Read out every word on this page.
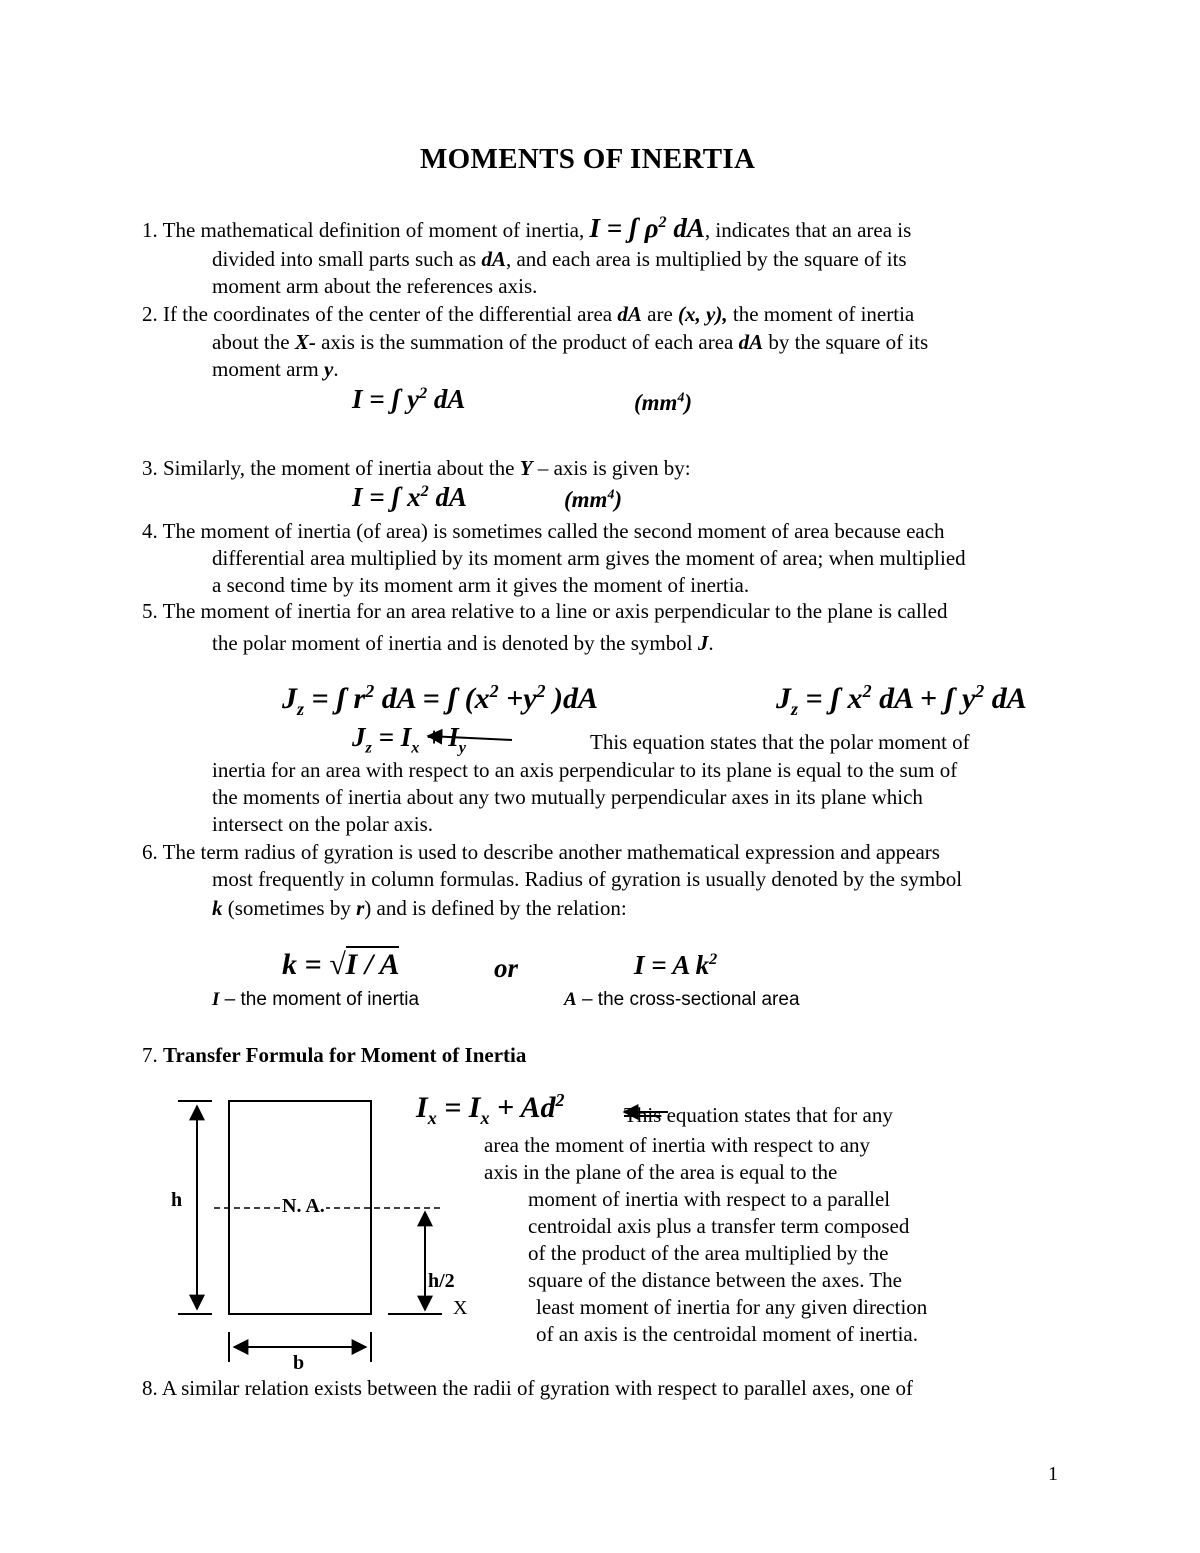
MOMENTS OF INERTIA
1. The mathematical definition of moment of inertia, I = ʃ $\rho^2$ dA, indicates that an area is
divided into small parts such as dA, and each area is multiplied by the square of its
moment arm about the references axis.
2. If the coordinates of the center of the differential area dA are (x, y), the moment of inertia
about the X- axis is the summation of the product of each area dA by the square of its
moment arm y.
I = ʃ $y^2$ dA	$(mm^4)$
3. Similarly, the moment of inertia about the Y – axis is given by:
I = ʃ $x^2$ dA	$(mm^4)$
4. The moment of inertia (of area) is sometimes called the second moment of area because each
differential area multiplied by its moment arm gives the moment of area; when multiplied
a second time by its moment arm it gives the moment of inertia.
5. The moment of inertia for an area relative to a line or axis perpendicular to the plane is called
the polar moment of inertia and is denoted by the symbol J.
$J_z$ = ʃ $r^2$ dA = ʃ ($x^2 +y^2$ )dA	$J_z$ = ʃ $x^2$ dA + ʃ $y^2$ dA
$J_z = I_x + I_y$	This equation states that the polar moment of
inertia for an area with respect to an axis perpendicular to its plane is equal to the sum of
the moments of inertia about any two mutually perpendicular axes in its plane which
intersect on the polar axis.
6. The term radius of gyration is used to describe another mathematical expression and appears
most frequently in column formulas. Radius of gyration is usually denoted by the symbol
k (sometimes by r) and is defined by the relation:
k = √I / A	or	I = A $k^2$
I – the moment of inertia	A – the cross-sectional area
7. Transfer Formula for Moment of Inertia
h	N. A.
h/2
X
b
$I_x = I_x + Ad^2$
This equation states that for any
area the moment of inertia with respect to any
axis in the plane of the area is equal to the
moment of inertia with respect to a parallel
centroidal axis plus a transfer term composed
of the product of the area multiplied by the
square of the distance between the axes. The
least moment of inertia for any given direction
of an axis is the centroidal moment of inertia.
8. A similar relation exists between the radii of gyration with respect to parallel axes, one of
1
